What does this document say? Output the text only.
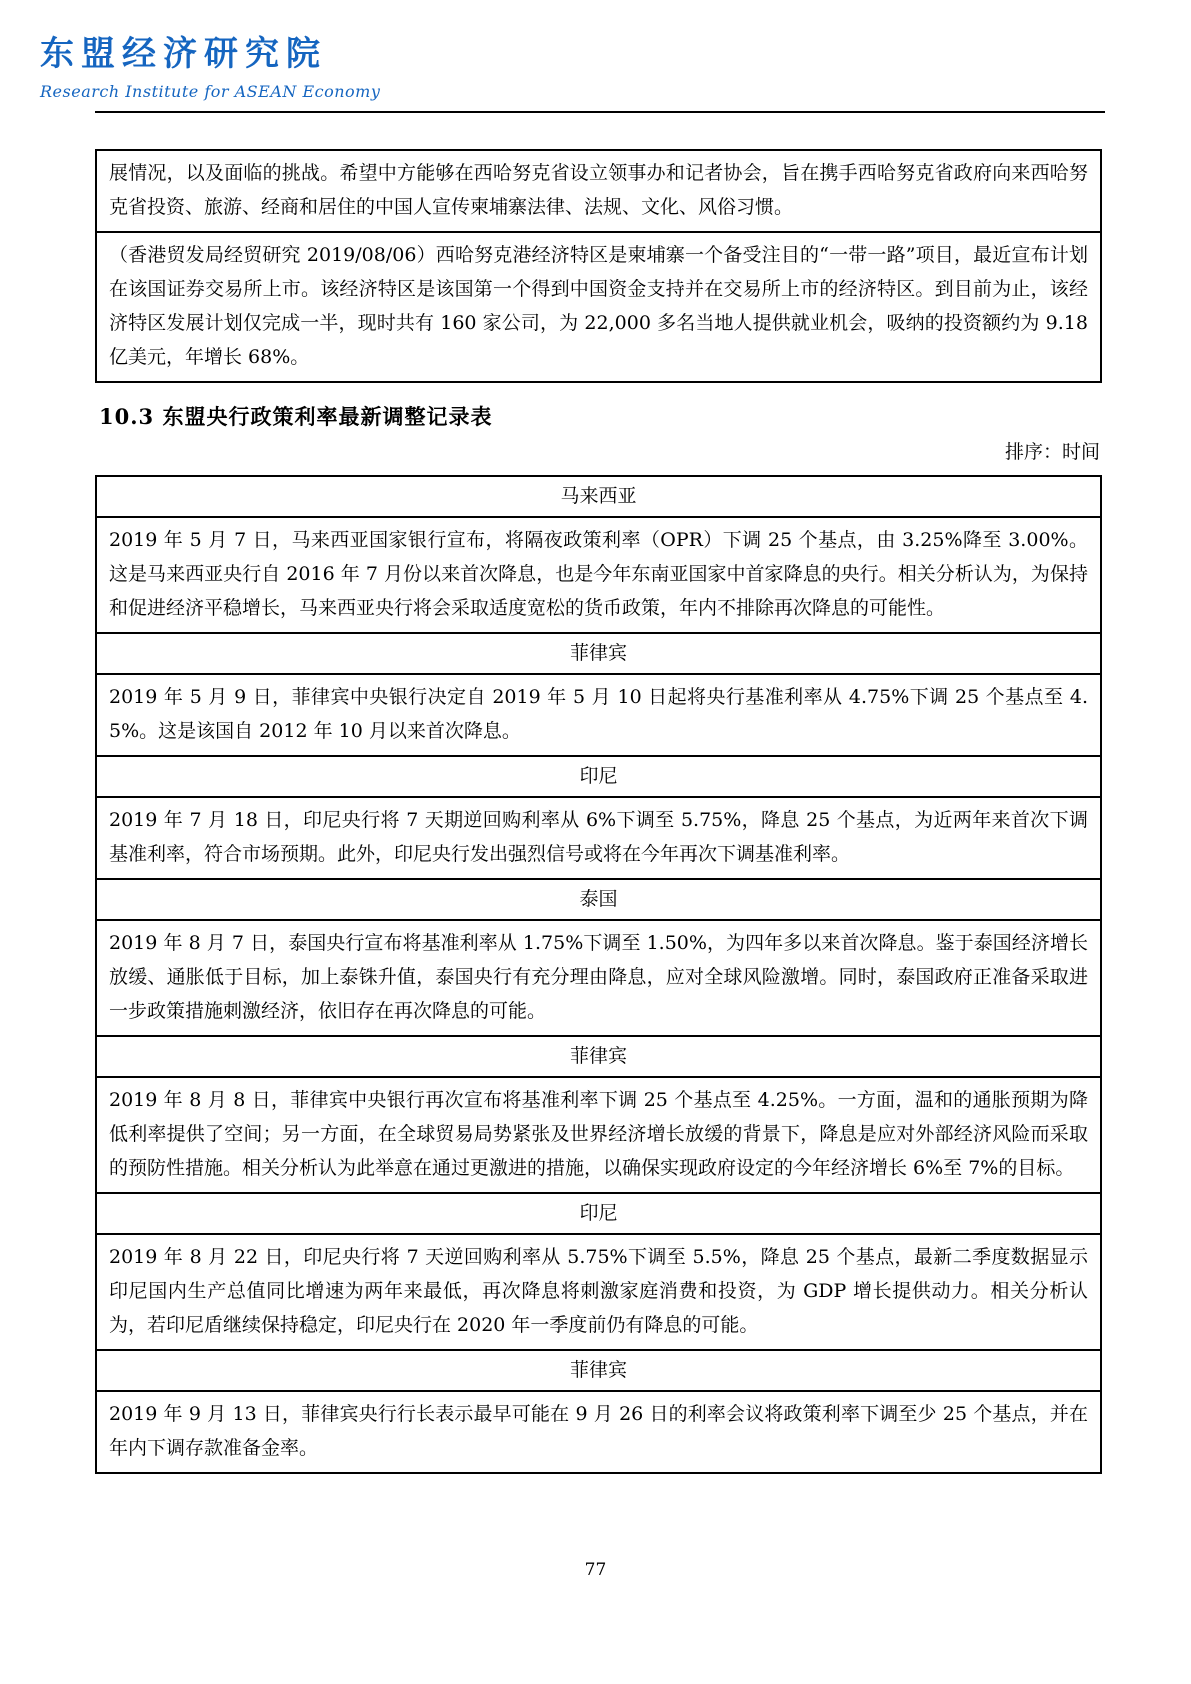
东盟经济研究院
Research Institute for ASEAN Economy
展情况，以及面临的挑战。希望中方能够在西哈努克省设立领事办和记者协会，旨在携手西哈努克省政府向来西哈努克省投资、旅游、经商和居住的中国人宣传柬埔寨法律、法规、文化、风俗习惯。
（香港贸发局经贸研究 2019/08/06）西哈努克港经济特区是柬埔寨一个备受注目的“一带一路”项目，最近宣布计划在该国证券交易所上市。该经济特区是该国第一个得到中国资金支持并在交易所上市的经济特区。到目前为止，该经济特区发展计划仅完成一半，现时共有 160 家公司，为 22,000 多名当地人提供就业机会，吸纳的投资额约为 9.18 亿美元，年增长 68%。
10.3 东盟央行政策利率最新调整记录表
排序：时间
马来西亚
2019 年 5 月 7 日，马来西亚国家银行宣布，将隔夜政策利率（OPR）下调 25 个基点，由 3.25%降至 3.00%。这是马来西亚央行自 2016 年 7 月份以来首次降息，也是今年东南亚国家中首家降息的央行。相关分析认为，为保持和促进经济平稳增长，马来西亚央行将会采取适度宽松的货币政策，年内不排除再次降息的可能性。
菲律宾
2019 年 5 月 9 日，菲律宾中央银行决定自 2019 年 5 月 10 日起将央行基准利率从 4.75%下调 25 个基点至 4.5%。这是该国自 2012 年 10 月以来首次降息。
印尼
2019 年 7 月 18 日，印尼央行将 7 天期逆回购利率从 6%下调至 5.75%，降息 25 个基点，为近两年来首次下调基准利率，符合市场预期。此外，印尼央行发出强烈信号或将在今年再次下调基准利率。
泰国
2019 年 8 月 7 日，泰国央行宣布将基准利率从 1.75%下调至 1.50%，为四年多以来首次降息。鉴于泰国经济增长放缓、通胀低于目标，加上泰铢升值，泰国央行有充分理由降息，应对全球风险激增。同时，泰国政府正准备采取进一步政策措施刺激经济，依旧存在再次降息的可能。
菲律宾
2019 年 8 月 8 日，菲律宾中央银行再次宣布将基准利率下调 25 个基点至 4.25%。一方面，温和的通胀预期为降低利率提供了空间；另一方面，在全球贸易局势紧张及世界经济增长放缓的背景下，降息是应对外部经济风险而采取的预防性措施。相关分析认为此举意在通过更激进的措施，以确保实现政府设定的今年经济增长 6%至 7%的目标。
印尼
2019 年 8 月 22 日，印尼央行将 7 天逆回购利率从 5.75%下调至 5.5%，降息 25 个基点，最新二季度数据显示印尼国内生产总值同比增速为两年来最低，再次降息将刺激家庭消费和投资，为 GDP 增长提供动力。相关分析认为，若印尼盾继续保持稳定，印尼央行在 2020 年一季度前仍有降息的可能。
菲律宾
2019 年 9 月 13 日，菲律宾央行行长表示最早可能在 9 月 26 日的利率会议将政策利率下调至少 25 个基点，并在年内下调存款准备金率。
77
